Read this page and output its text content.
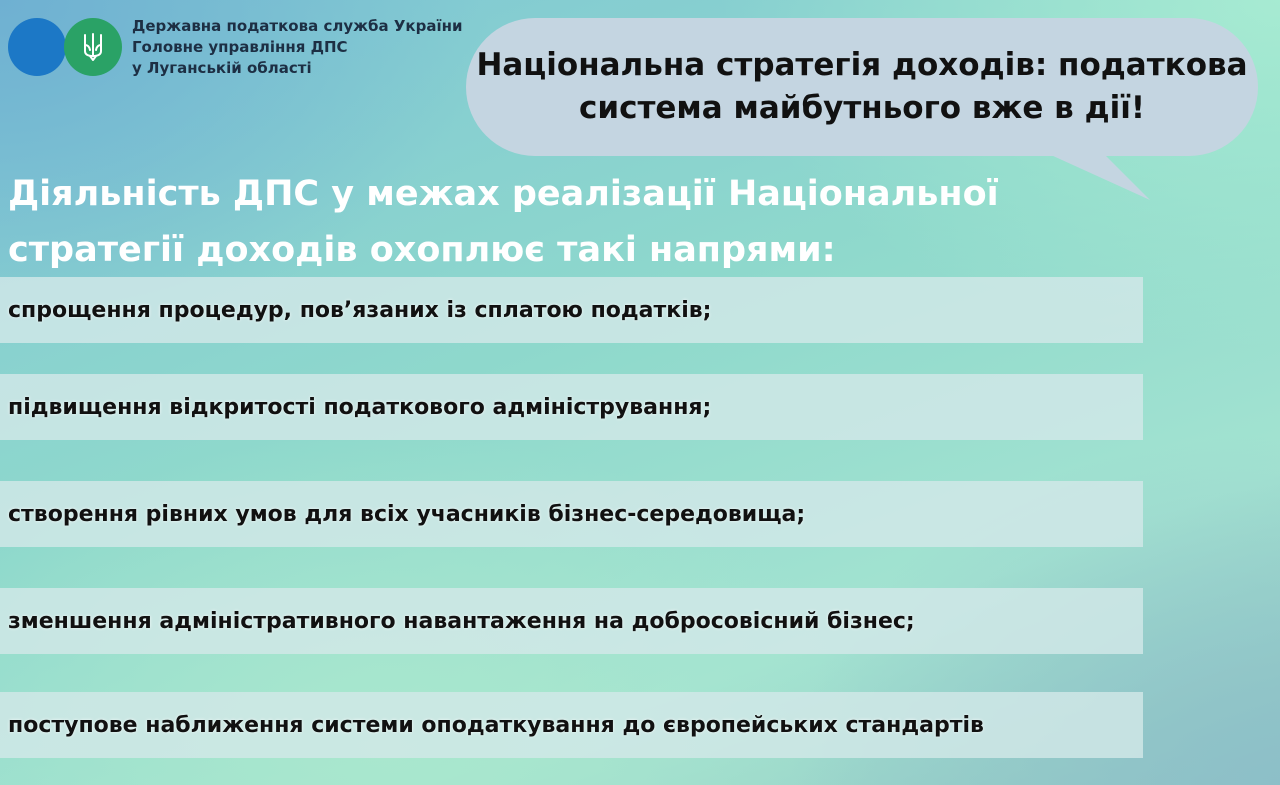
Державна податкова служба України
Головне управління ДПС
у Луганській області	Національна стратегія доходів: податкова
система майбутнього вже в дії!
Діяльність ДПС у межах реалізації Національної
стратегії доходів охоплює такі напрями:
спрощення процедур, пов’язаних із сплатою податків;
підвищення відкритості податкового адміністрування;
створення рівних умов для всіх учасників бізнес-середовища;
зменшення адміністративного навантаження на добросовісний бізнес;
поступове наближення системи оподаткування до європейських стандартів
